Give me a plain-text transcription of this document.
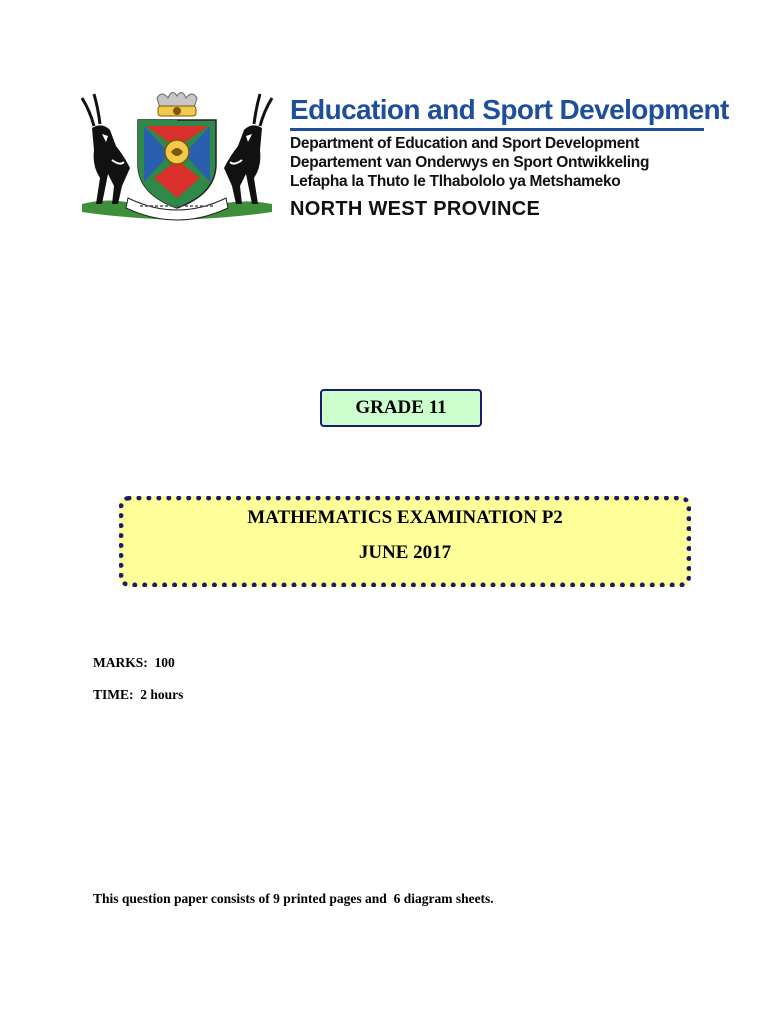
Education and Sport Development
Department of Education and Sport Development
Departement van Onderwys en Sport Ontwikkeling
Lefapha la Thuto le Tlhabololo ya Metshameko
NORTH WEST PROVINCE
GRADE 11
MATHEMATICS EXAMINATION P2
JUNE 2017
MARKS:  100
TIME:  2 hours
This question paper consists of 9 printed pages and  6 diagram sheets.
